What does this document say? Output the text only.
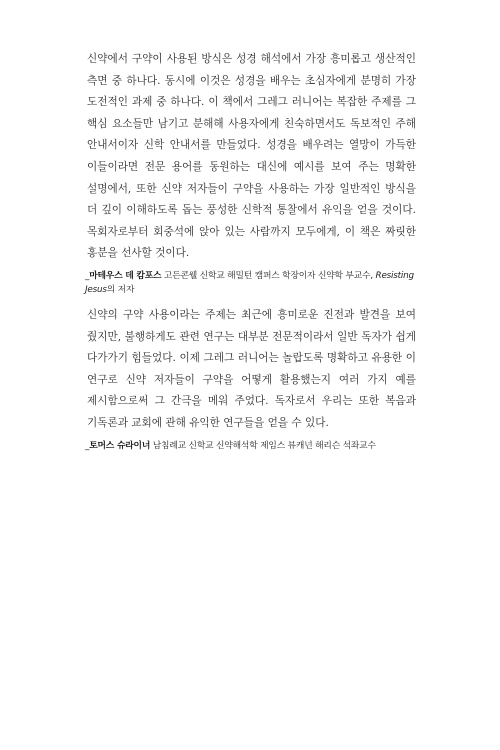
신약에서 구약이 사용된 방식은 성경 해석에서 가장 흥미롭고 생산적인 측면 중 하나다. 동시에 이것은 성경을 배우는 초심자에게 분명히 가장 도전적인 과제 중 하나다. 이 책에서 그레그 러니어는 복잡한 주제를 그 핵심 요소들만 남기고 분해해 사용자에게 친숙하면서도 독보적인 주해 안내서이자 신학 안내서를 만들었다. 성경을 배우려는 열망이 가득한 이들이라면 전문 용어를 동원하는 대신에 예시를 보여 주는 명확한 설명에서, 또한 신약 저자들이 구약을 사용하는 가장 일반적인 방식을 더 깊이 이해하도록 돕는 풍성한 신학적 통찰에서 유익을 얻을 것이다. 목회자로부터 회중석에 앉아 있는 사람까지 모두에게, 이 책은 짜릿한 홍분을 선사할 것이다.

_마테우스 데 캄포스 고든콘웰 신학교 해밀턴 캠퍼스 학장이자 신약학 부교수, Resisting Jesus의 저자

신약의 구약 사용이라는 주제는 최근에 흥미로운 진전과 발견을 보여 줬지만, 불행하게도 관련 연구는 대부분 전문적이라서 일반 독자가 쉽게 다가가기 힘들었다. 이제 그레그 러니어는 놀랍도록 명확하고 유용한 이 연구로 신약 저자들이 구약을 어떻게 활용했는지 여러 가지 예를 제시함으로써 그 간극을 메워 주었다. 독자로서 우리는 또한 복음과 기독론과 교회에 관해 유익한 연구들을 얻을 수 있다.

_토머스 슈라이너 남침례교 신학교 신약해석학 제임스 뷰캐넌 해리슨 석좌교수
